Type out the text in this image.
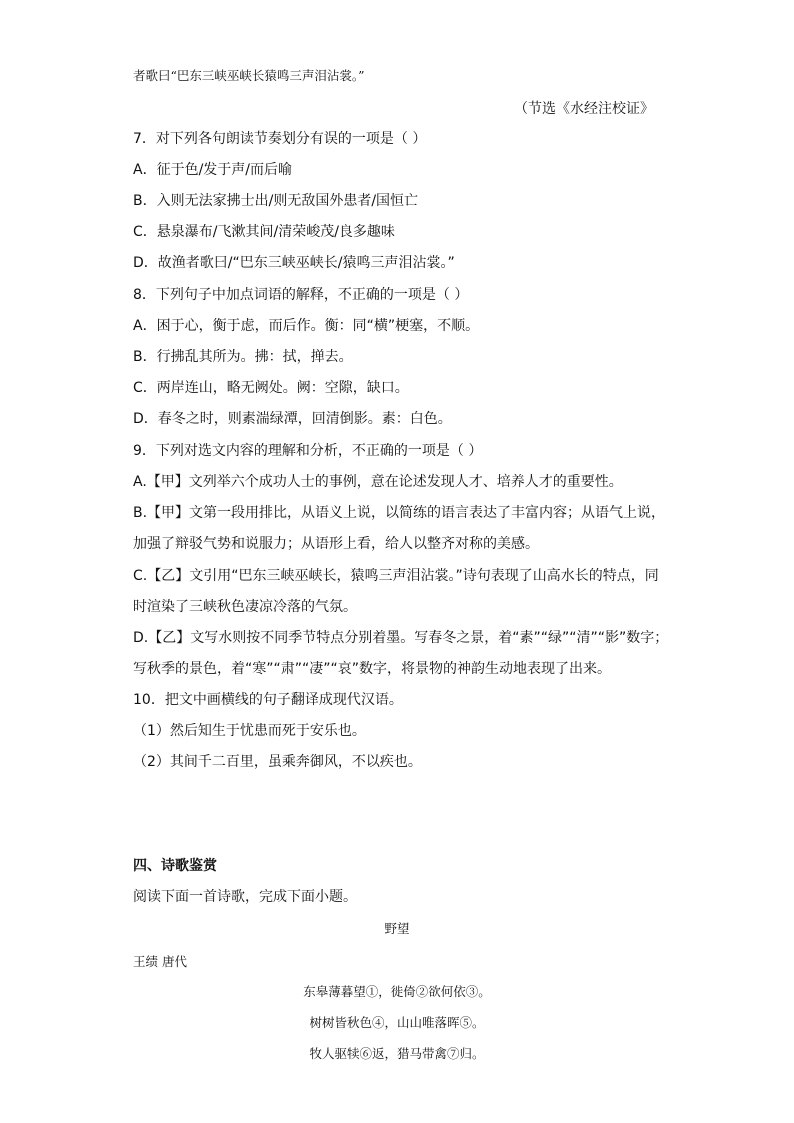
者歌曰“巴东三峡巫峡长猿鸣三声泪沾裳。”
（节选《水经注校证》
7．对下列各句朗读节奏划分有误的一项是（ ）
A．征于色/发于声/而后喻
B．入则无法家拂士出/则无敌国外患者/国恒亡
C．悬泉瀑布/飞漱其间/清荣峻茂/良多趣味
D．故渔者歌曰/“巴东三峡巫峡长/猿鸣三声泪沾裳。”
8．下列句子中加点词语的解释，不正确的一项是（ ）
A．困于心，衡于虑，而后作。衡：同“横”梗塞，不顺。
B．行拂乱其所为。拂：拭，掸去。
C．两岸连山，略无阙处。阙：空隙，缺口。
D．春冬之时，则素湍绿潭，回清倒影。素：白色。
9．下列对选文内容的理解和分析，不正确的一项是（ ）
A.【甲】文列举六个成功人士的事例，意在论述发现人才、培养人才的重要性。
B.【甲】文第一段用排比，从语义上说，以简练的语言表达了丰富内容；从语气上说，
加强了辩驳气势和说服力；从语形上看，给人以整齐对称的美感。
C.【乙】文引用“巴东三峡巫峡长，猿鸣三声泪沾裳。”诗句表现了山高水长的特点，同
时渲染了三峡秋色凄凉冷落的气氛。
D.【乙】文写水则按不同季节特点分别着墨。写春冬之景，着“素”“绿”“清”“影”数字；
写秋季的景色，着“寒”“肃”“凄”“哀”数字，将景物的神韵生动地表现了出来。
10．把文中画横线的句子翻译成现代汉语。
（1）然后知生于忧患而死于安乐也。
（2）其间千二百里，虽乘奔御风，不以疾也。
四、诗歌鉴赏
阅读下面一首诗歌，完成下面小题。
野望
王绩 唐代
东皋薄暮望①，徙倚②欲何依③。
树树皆秋色④，山山唯落晖⑤。
牧人驱犊⑥返，猎马带禽⑦归。
